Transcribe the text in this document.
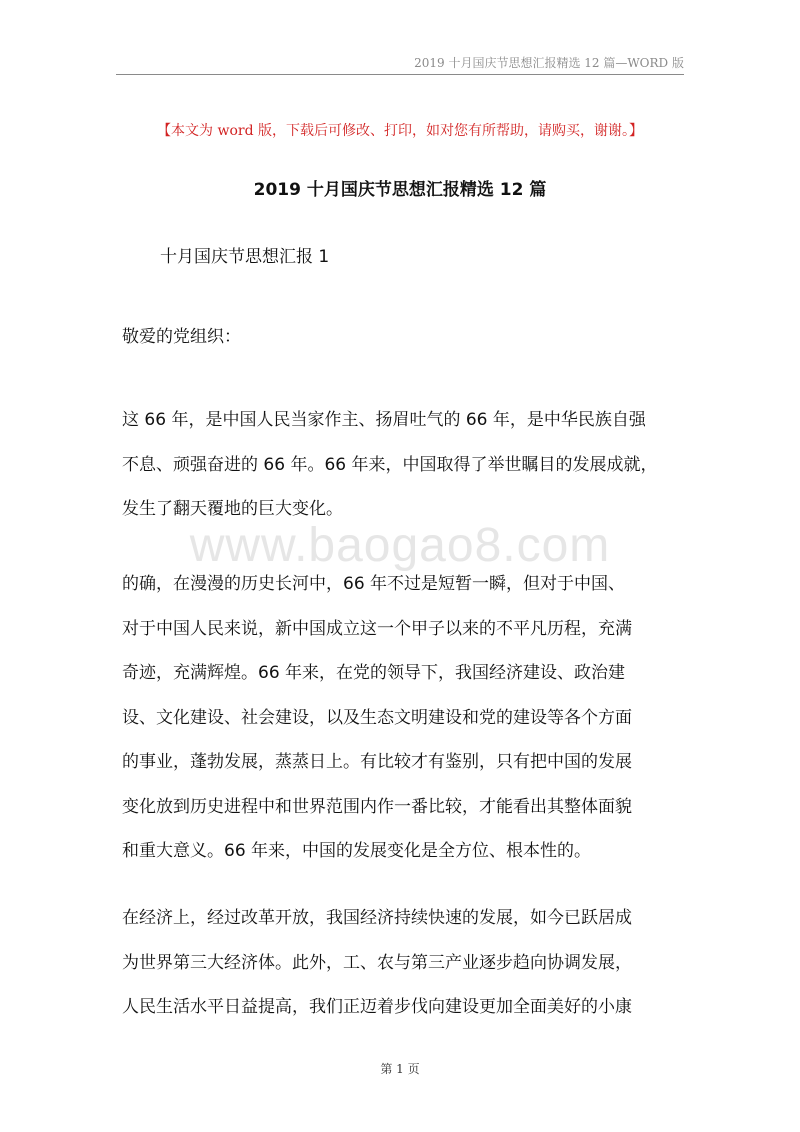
2019 十月国庆节思想汇报精选 12 篇—WORD 版
【本文为 word 版，下载后可修改、打印，如对您有所帮助，请购买，谢谢。】
2019 十月国庆节思想汇报精选 12 篇
十月国庆节思想汇报 1
敬爱的党组织：
www.baogao8.com
这 66 年，是中国人民当家作主、扬眉吐气的 66 年，是中华民族自强
不息、顽强奋进的 66 年。66 年来，中国取得了举世瞩目的发展成就，
发生了翻天覆地的巨大变化。
的确，在漫漫的历史长河中，66 年不过是短暂一瞬，但对于中国、
对于中国人民来说，新中国成立这一个甲子以来的不平凡历程，充满
奇迹，充满辉煌。66 年来，在党的领导下，我国经济建设、政治建
设、文化建设、社会建设，以及生态文明建设和党的建设等各个方面
的事业，蓬勃发展，蒸蒸日上。有比较才有鉴别，只有把中国的发展
变化放到历史进程中和世界范围内作一番比较，才能看出其整体面貌
和重大意义。66 年来，中国的发展变化是全方位、根本性的。
在经济上，经过改革开放，我国经济持续快速的发展，如今已跃居成
为世界第三大经济体。此外，工、农与第三产业逐步趋向协调发展，
人民生活水平日益提高，我们正迈着步伐向建设更加全面美好的小康
第 1 页
